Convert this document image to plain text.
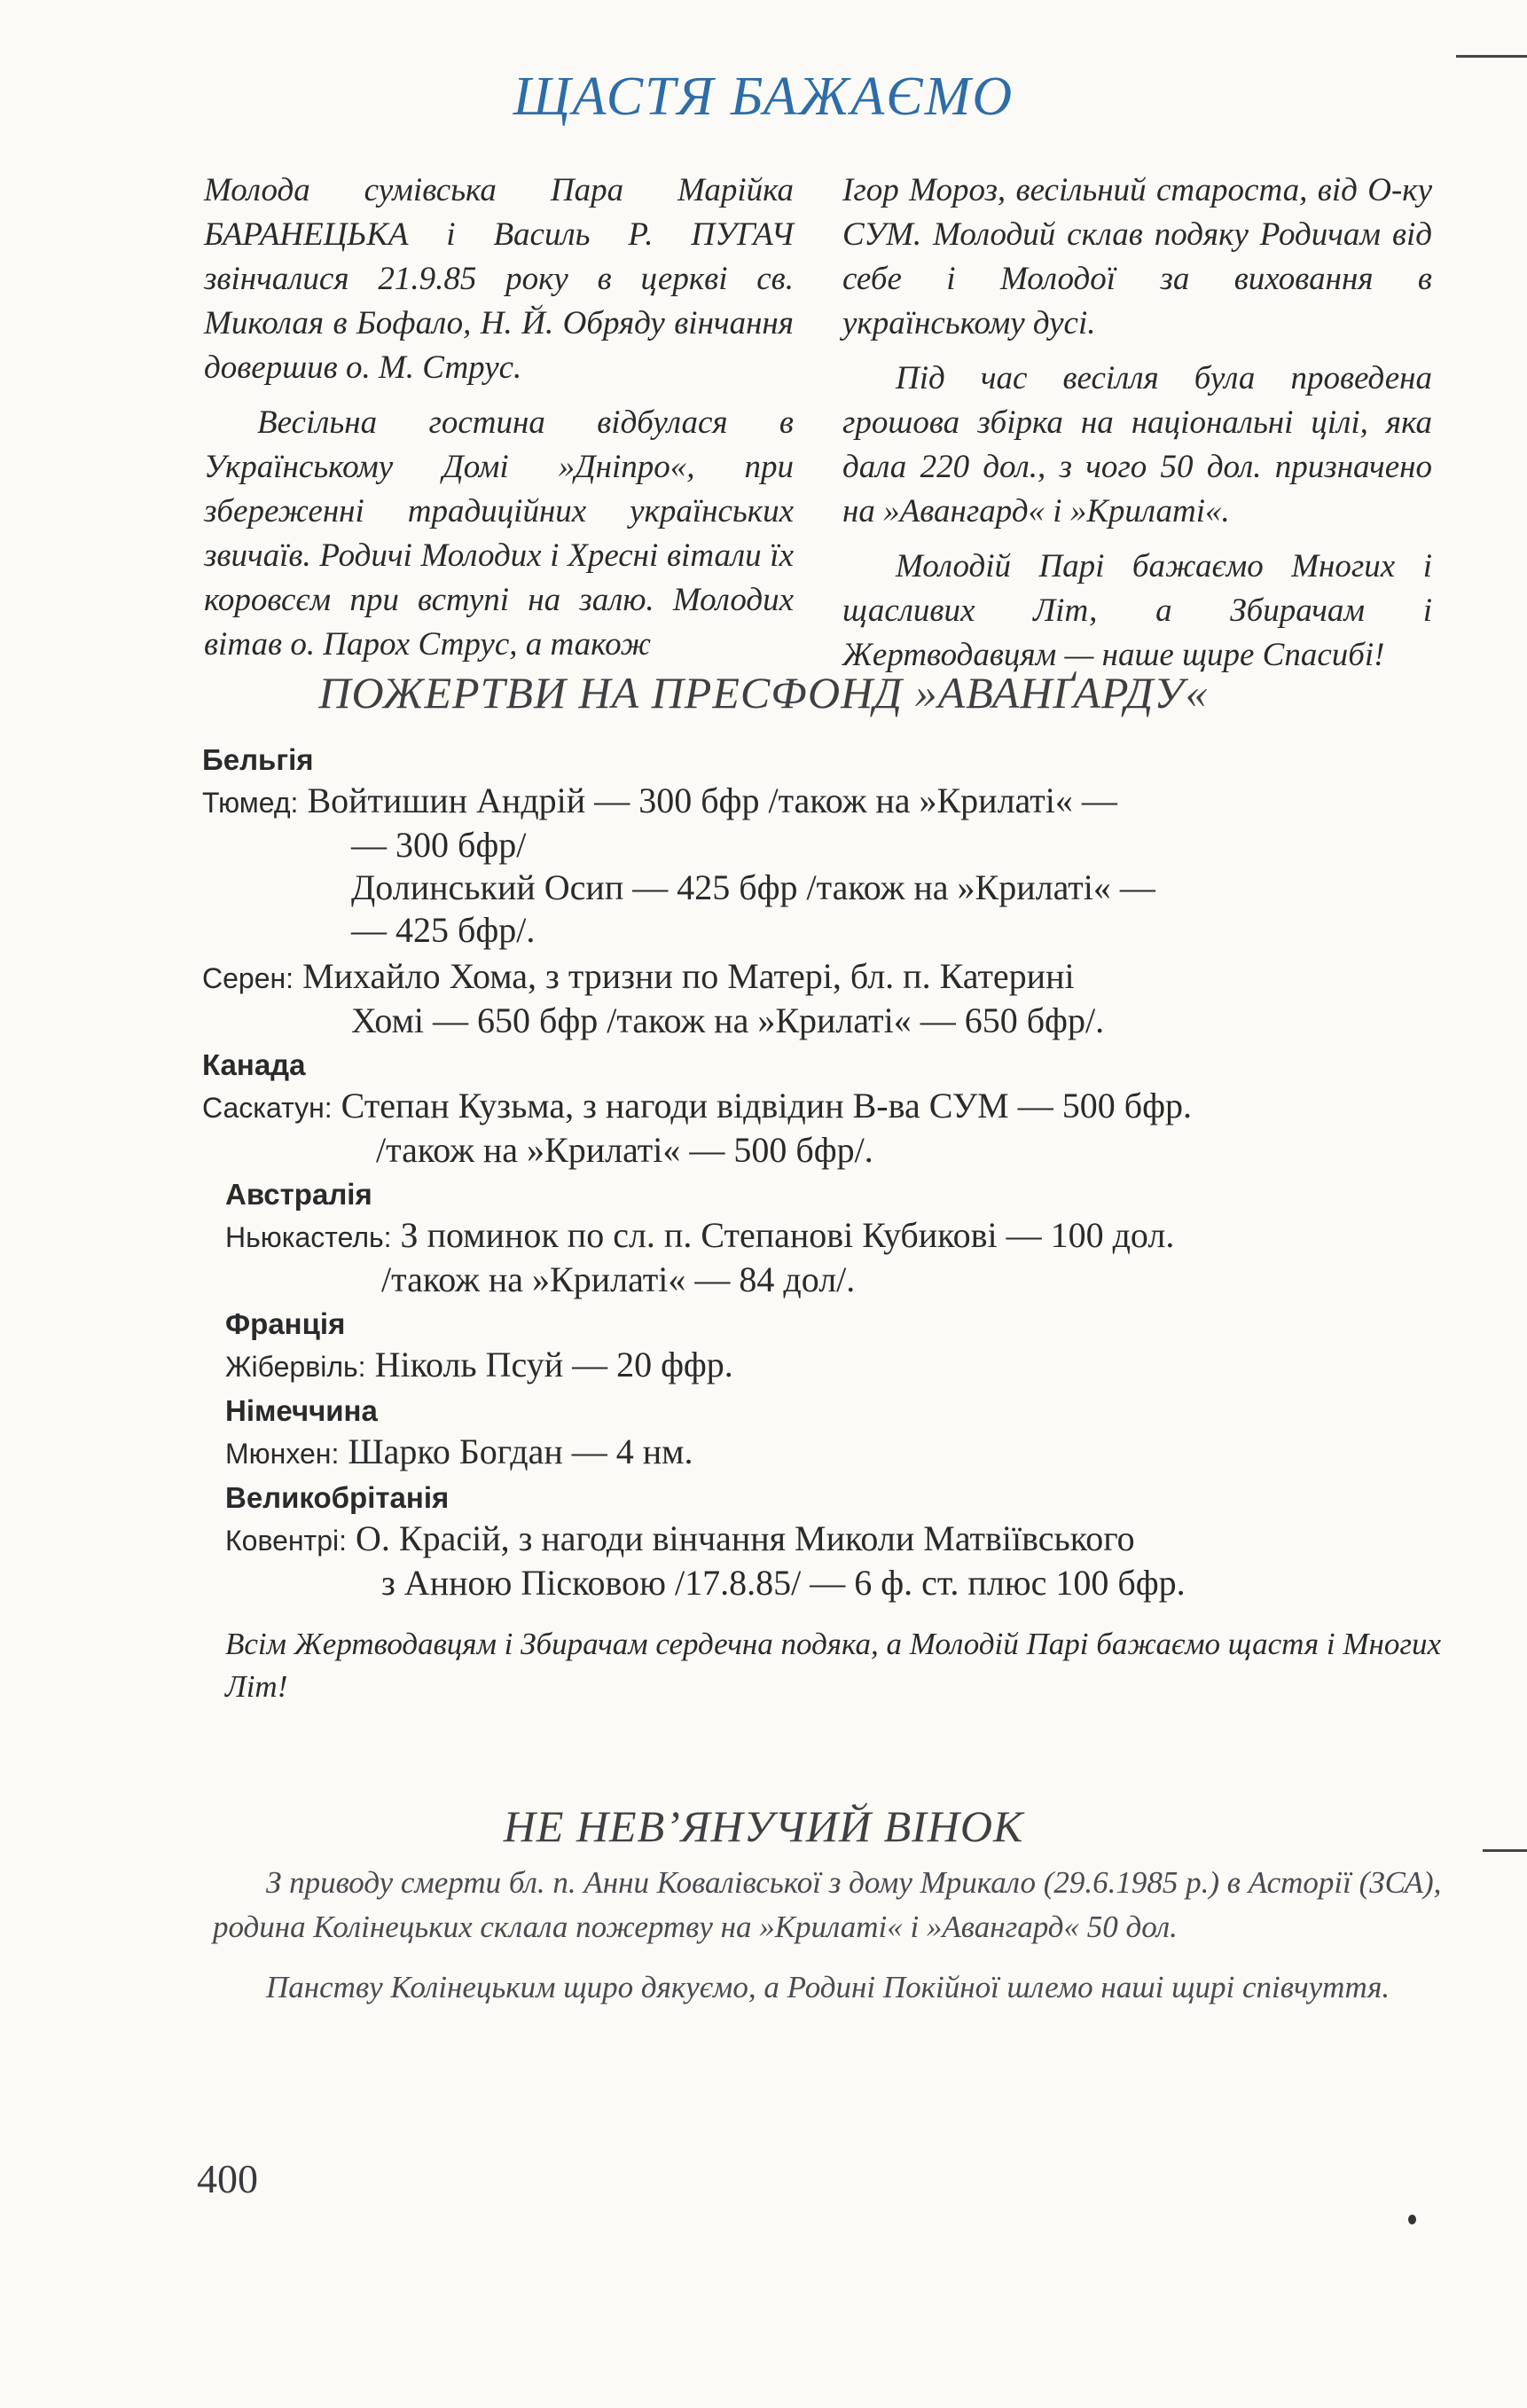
ЩАСТЯ БАЖАЄМО

Молода сумівська Пара Марійка БАРАНЕЦЬКА і Василь Р. ПУГАЧ звінчалися 21.9.85 року в церкві св. Миколая в Бофало, Н. Й. Обряду вінчання довершив о. М. Струс.

Весільна гостина відбулася в Українському Домі »Дніпро«, при збереженні традиційних українських звичаїв. Родичі Молодих і Хресні вітали їх коровсєм при вступі на залю. Молодих вітав о. Парох Струс, а також

Ігор Мороз, весільний староста, від О-ку СУМ. Молодий склав подяку Родичам від себе і Молодої за виховання в українському дусі.

Під час весілля була проведена грошова збірка на національні цілі, яка дала 220 дол., з чого 50 дол. призначено на »Авангард« і »Крилаті«.

Молодій Парі бажаємо Многих і щасливих Літ, а Збирачам і Жертводавцям — наше щире Спасибі!

ПОЖЕРТВИ НА ПРЕСФОНД »АВАНҐАРДУ«
Бельгія
Тюмед: Войтишин Андрій — 300 бфр /також на »Крилаті« —
— 300 бфр/
Долинський Осип — 425 бфр /також на »Крилаті« —
— 425 бфр/.
Серен: Михайло Хома, з тризни по Матері, бл. п. Катерині
Хомі — 650 бфр /також на »Крилаті« — 650 бфр/.
Канада
Саскатун: Степан Кузьма, з нагоди відвідин В-ва СУМ — 500 бфр.
/також на »Крилаті« — 500 бфр/.
Австралія
Ньюкастель: З поминок по сл. п. Степанові Кубикові — 100 дол.
/також на »Крилаті« — 84 дол/.
Франція
Жібервіль: Ніколь Псуй — 20 ффр.
Німеччина
Мюнхен: Шарко Богдан — 4 нм.
Великобрітанія
Ковентрі: О. Красій, з нагоди вінчання Миколи Матвіївського
з Анною Пісковою /17.8.85/ — 6 ф. ст. плюс 100 бфр.
Всім Жертводавцям і Збирачам сердечна подяка, а Молодій Парі бажаємо щастя і Многих Літ!
НЕ НЕВ’ЯНУЧИЙ ВІНОК

З приводу смерти бл. п. Анни Ковалівської з дому Мрикало (29.6.1985 р.) в Асторії (ЗСА), родина Колінецьких склала пожертву на »Крилаті« і »Авангард« 50 дол.

Панству Колінецьким щиро дякуємо, а Родині Покійної шлемо наші щирі співчуття.

400
